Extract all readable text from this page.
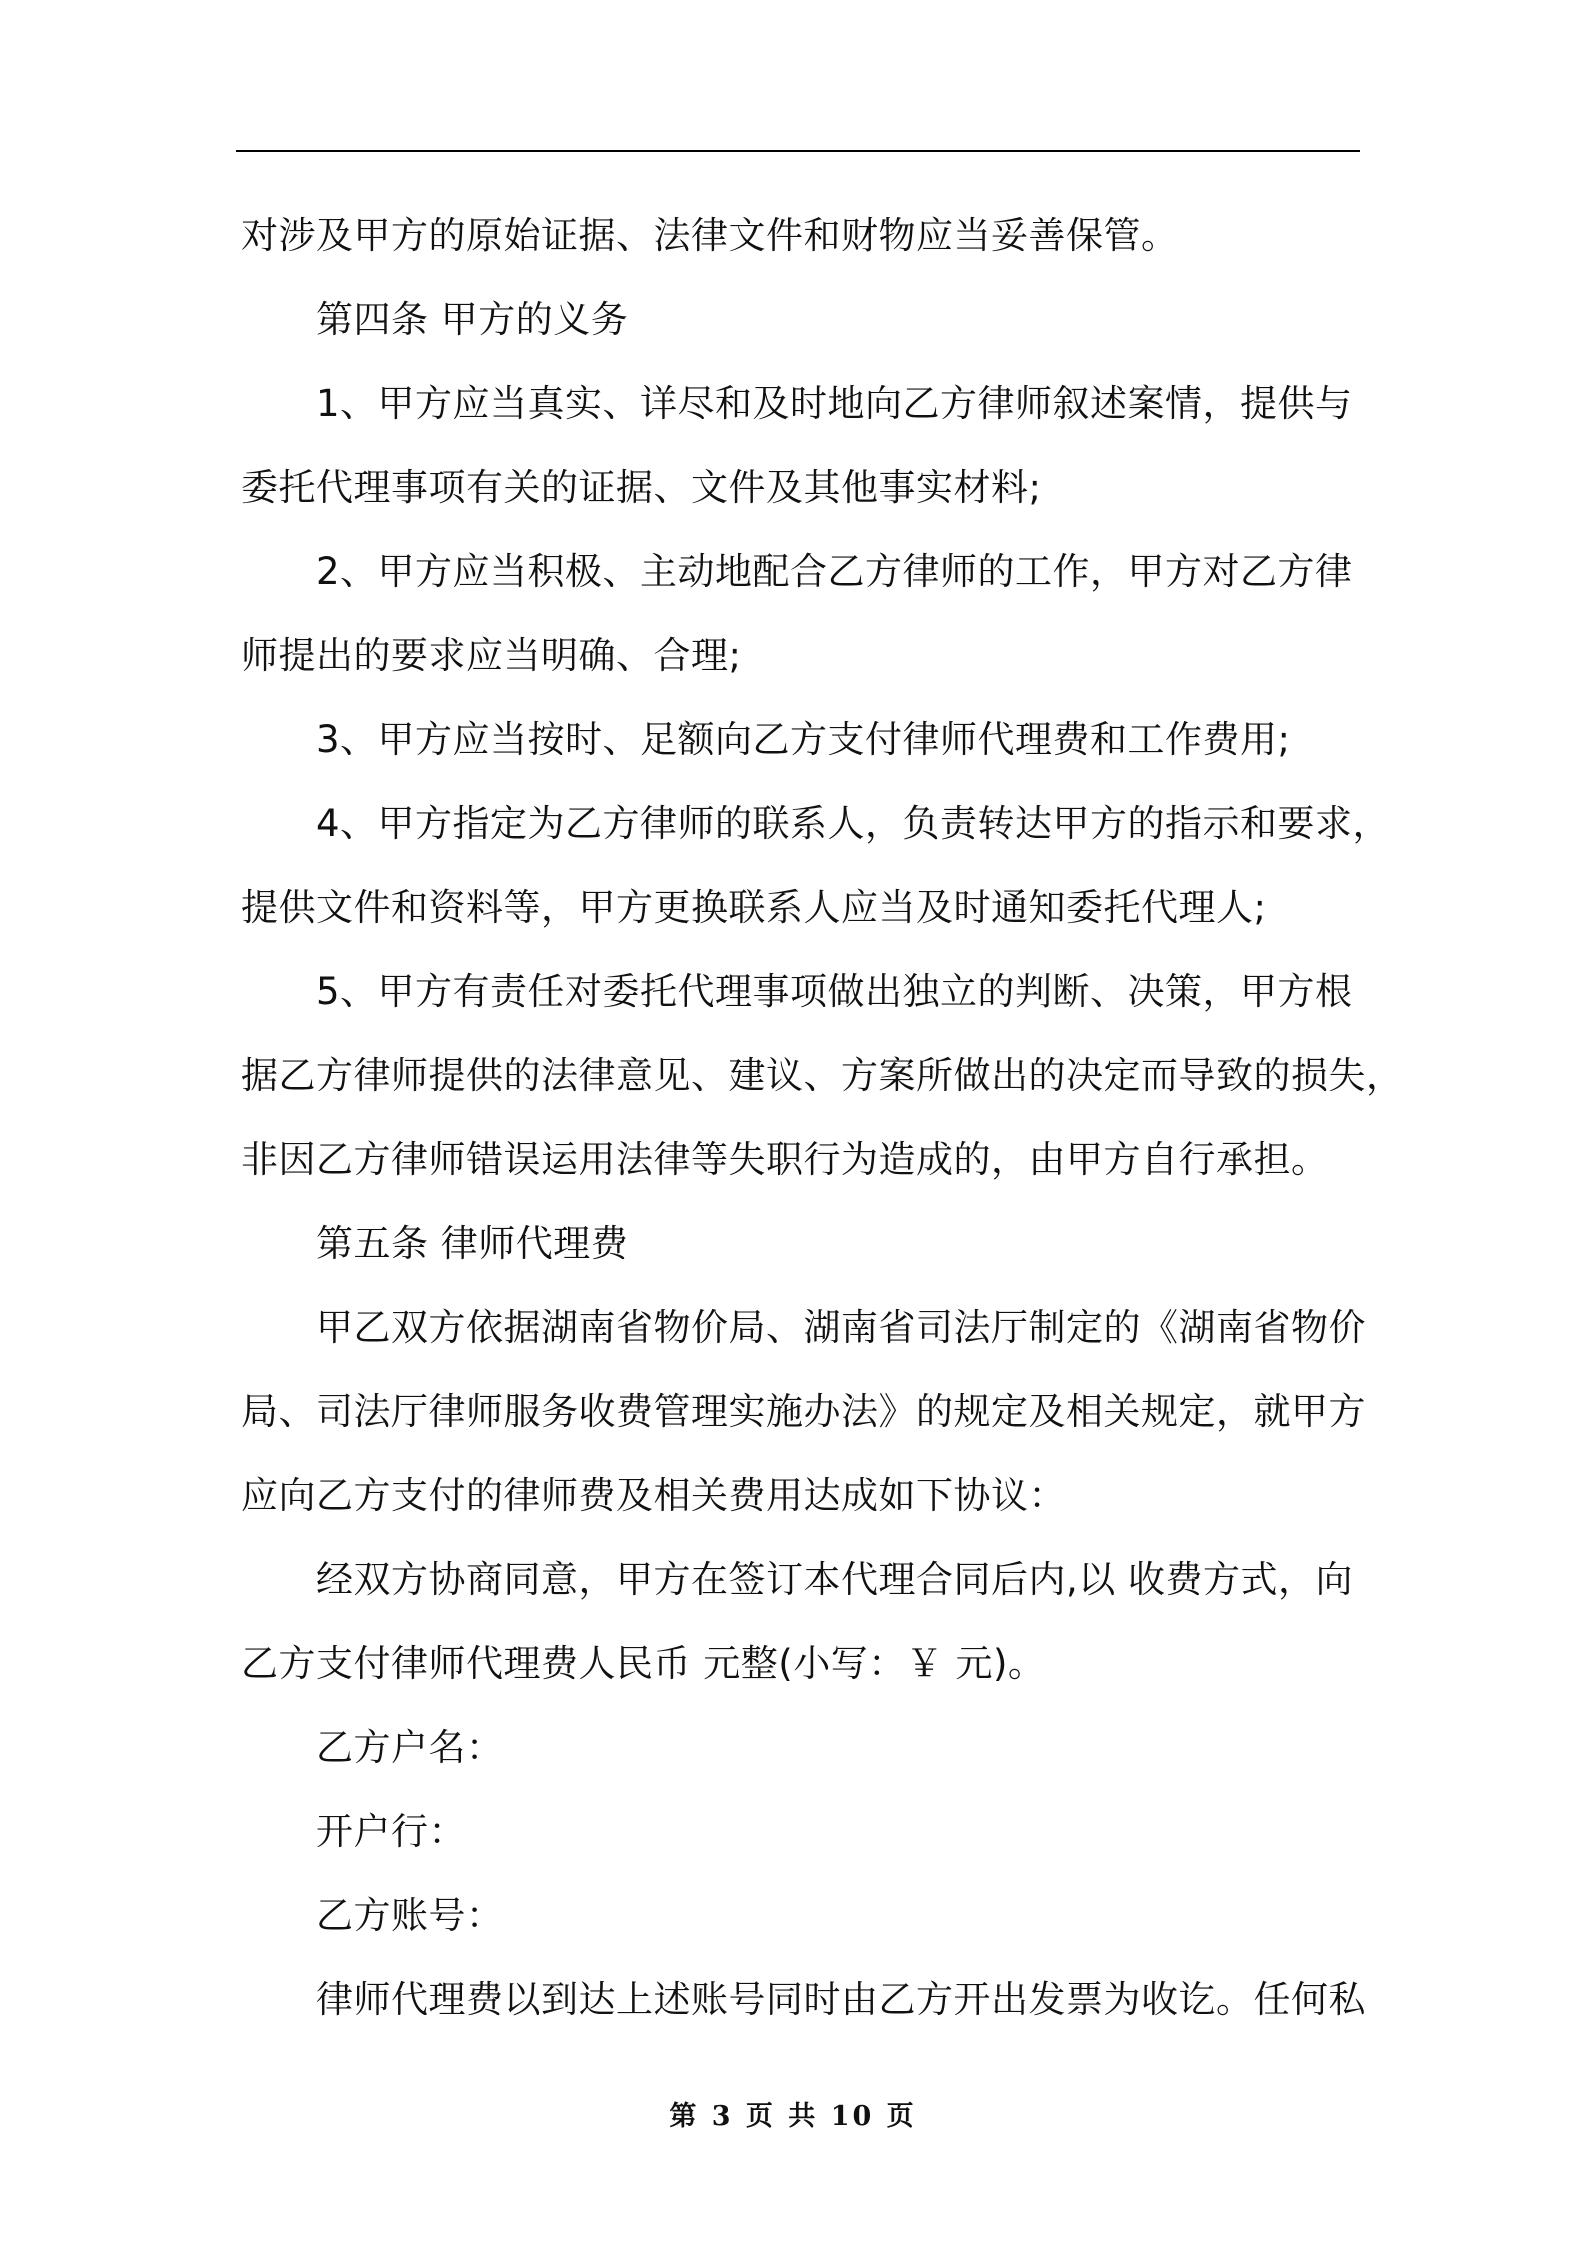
对涉及甲方的原始证据、法律文件和财物应当妥善保管。
第四条 甲方的义务
1、甲方应当真实、详尽和及时地向乙方律师叙述案情，提供与
委托代理事项有关的证据、文件及其他事实材料;
2、甲方应当积极、主动地配合乙方律师的工作，甲方对乙方律
师提出的要求应当明确、合理;
3、甲方应当按时、足额向乙方支付律师代理费和工作费用;
4、甲方指定为乙方律师的联系人，负责转达甲方的指示和要求，
提供文件和资料等，甲方更换联系人应当及时通知委托代理人;
5、甲方有责任对委托代理事项做出独立的判断、决策，甲方根
据乙方律师提供的法律意见、建议、方案所做出的决定而导致的损失，
非因乙方律师错误运用法律等失职行为造成的，由甲方自行承担。
第五条 律师代理费
甲乙双方依据湖南省物价局、湖南省司法厅制定的《湖南省物价
局、司法厅律师服务收费管理实施办法》的规定及相关规定，就甲方
应向乙方支付的律师费及相关费用达成如下协议：
经双方协商同意，甲方在签订本代理合同后内,以 收费方式，向
乙方支付律师代理费人民币 元整(小写：￥ 元)。
乙方户名：
开户行：
乙方账号：
律师代理费以到达上述账号同时由乙方开出发票为收讫。任何私
第 3 页 共 10 页
